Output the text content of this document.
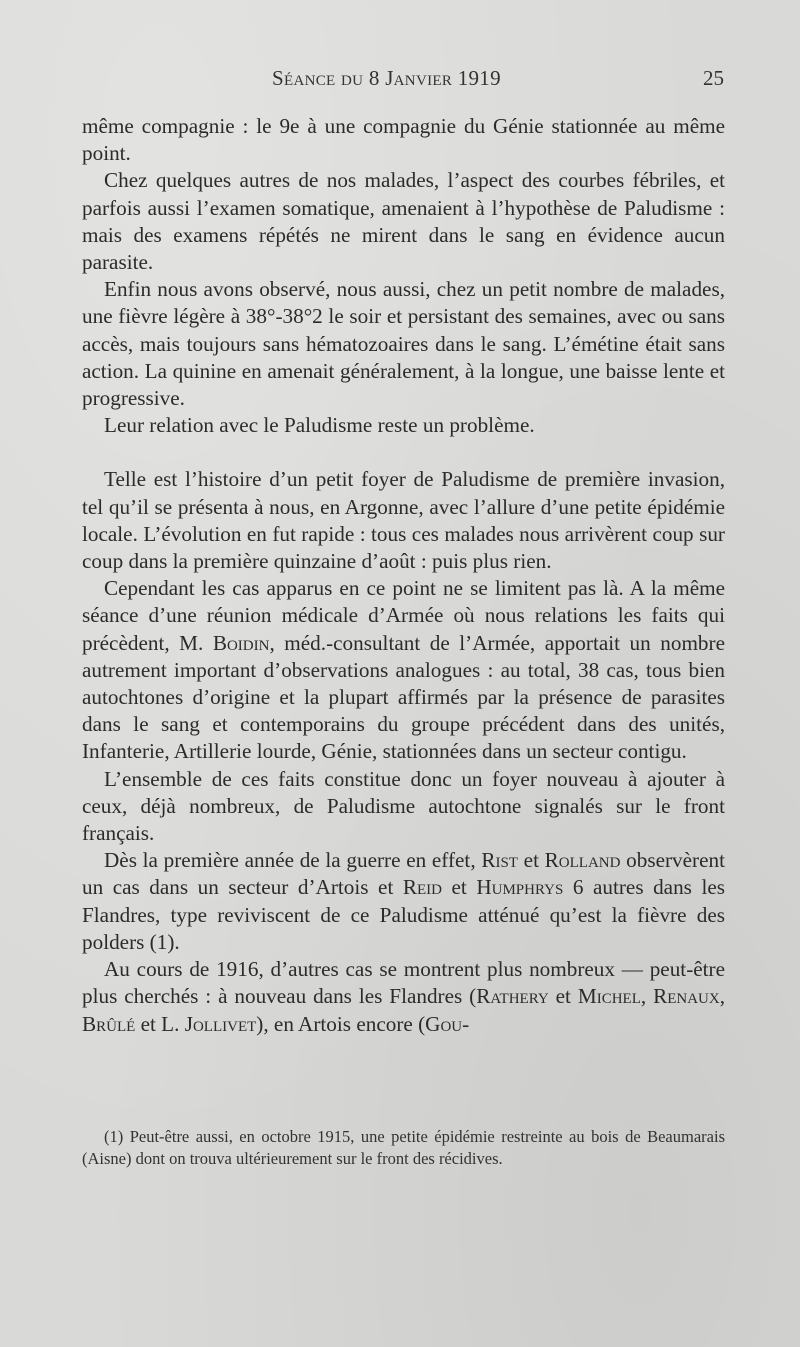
Séance du 8 Janvier 1919	25

même compagnie : le 9e à une compagnie du Génie stationnée au même point.

Chez quelques autres de nos malades, l’aspect des courbes fébriles, et parfois aussi l’examen somatique, amenaient à l’hypothèse de Paludisme : mais des examens répétés ne mirent dans le sang en évidence aucun parasite.

Enfin nous avons observé, nous aussi, chez un petit nombre de malades, une fièvre légère à 38°-38°2 le soir et persistant des semaines, avec ou sans accès, mais toujours sans hématozoaires dans le sang. L’émétine était sans action. La quinine en amenait généralement, à la longue, une baisse lente et progressive.

Leur relation avec le Paludisme reste un problème.

Telle est l’histoire d’un petit foyer de Paludisme de première invasion, tel qu’il se présenta à nous, en Argonne, avec l’allure d’une petite épidémie locale. L’évolution en fut rapide : tous ces malades nous arrivèrent coup sur coup dans la première quinzaine d’août : puis plus rien.

Cependant les cas apparus en ce point ne se limitent pas là. A la même séance d’une réunion médicale d’Armée où nous relations les faits qui précèdent, M. Boidin, méd.-consultant de l’Armée, apportait un nombre autrement important d’observations analogues : au total, 38 cas, tous bien autochtones d’origine et la plupart affirmés par la présence de parasites dans le sang et contemporains du groupe précédent dans des unités, Infanterie, Artillerie lourde, Génie, stationnées dans un secteur contigu.

L’ensemble de ces faits constitue donc un foyer nouveau à ajouter à ceux, déjà nombreux, de Paludisme autochtone signalés sur le front français.

Dès la première année de la guerre en effet, Rist et Rolland observèrent un cas dans un secteur d’Artois et Reid et Humphrys 6 autres dans les Flandres, type reviviscent de ce Paludisme atténué qu’est la fièvre des polders (1).

Au cours de 1916, d’autres cas se montrent plus nombreux — peut-être plus cherchés : à nouveau dans les Flandres (Rathery et Michel, Renaux, Brûlé et L. Jollivet), en Artois encore (Gou-

(1) Peut-être aussi, en octobre 1915, une petite épidémie restreinte au bois de Beaumarais (Aisne) dont on trouva ultérieurement sur le front des récidives.
